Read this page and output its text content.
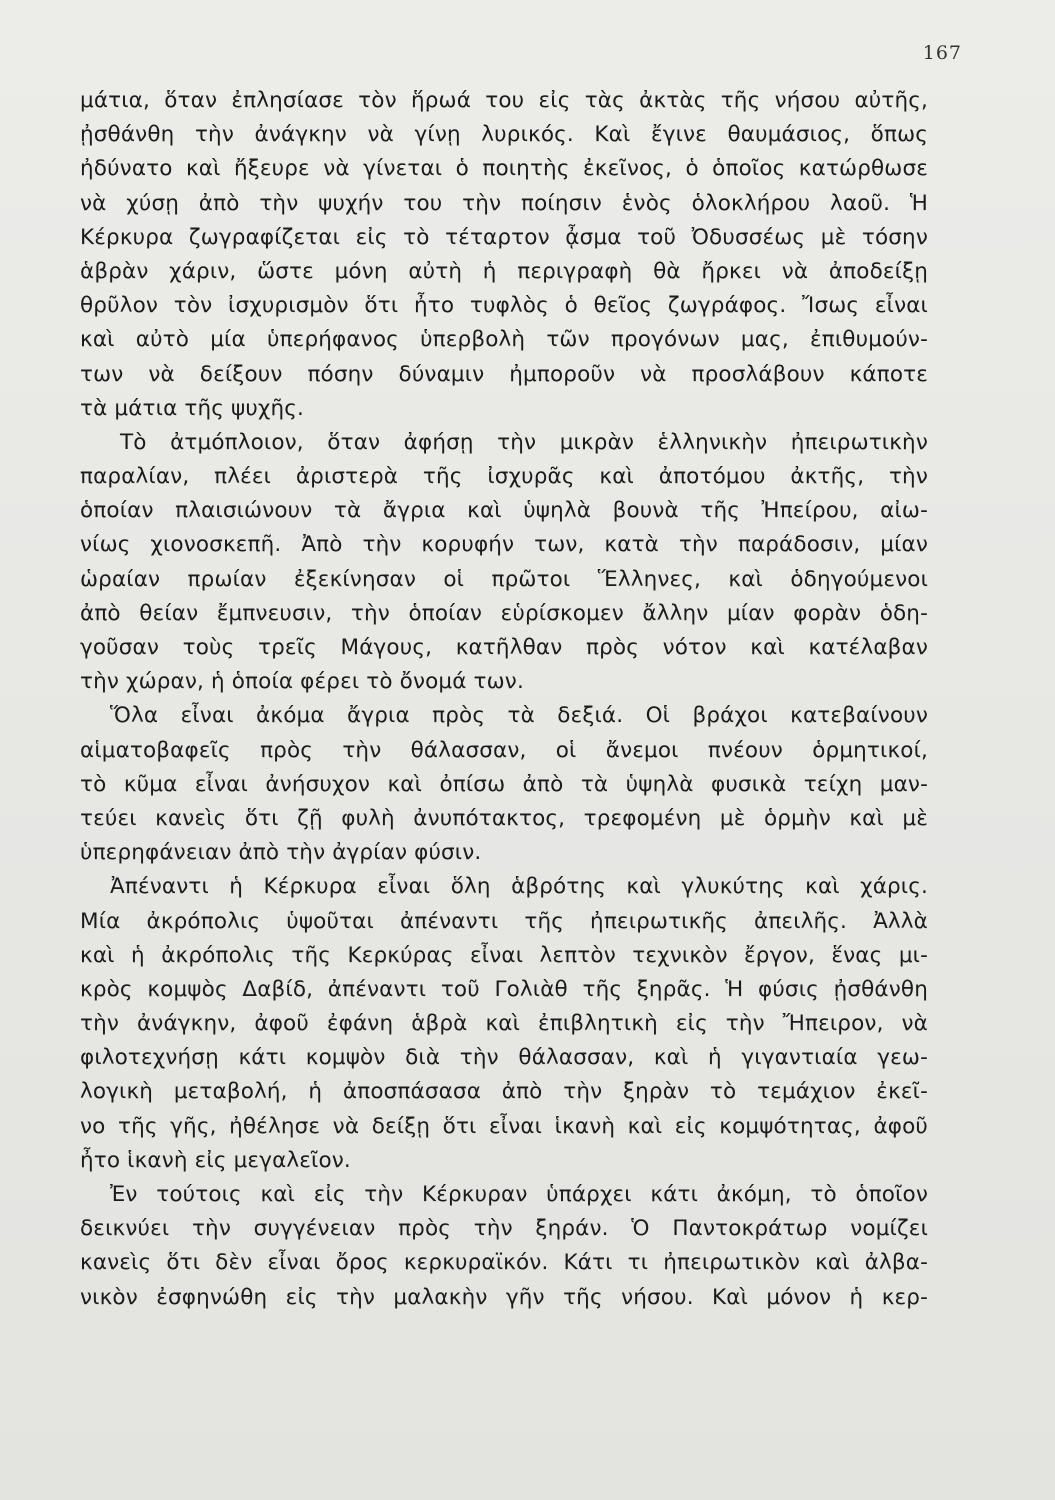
167
μάτια, ὅταν ἐπλησίασε τὸν ἥρωά του εἰς τὰς ἀκτὰς τῆς νήσου αὐτῆς,
ᾐσθάνθη τὴν ἀνάγκην νὰ γίνῃ λυρικός. Καὶ ἔγινε θαυμάσιος, ὅπως
ἠδύνατο καὶ ἤξευρε νὰ γίνεται ὁ ποιητὴς ἐκεῖνος, ὁ ὁποῖος κατώρθωσε
νὰ χύσῃ ἀπὸ τὴν ψυχήν του τὴν ποίησιν ἑνὸς ὁλοκλήρου λαοῦ. Ἡ
Κέρκυρα ζωγραφίζεται εἰς τὸ τέταρτον ᾆσμα τοῦ Ὀδυσσέως μὲ τόσην
ἁβρὰν χάριν, ὥστε μόνη αὐτὴ ἡ περιγραφὴ θὰ ἤρκει νὰ ἀποδείξῃ
θρῦλον τὸν ἰσχυρισμὸν ὅτι ἦτο τυφλὸς ὁ θεῖος ζωγράφος. Ἴσως εἶναι
καὶ αὐτὸ μία ὑπερήφανος ὑπερβολὴ τῶν προγόνων μας, ἐπιθυμούν-
των νὰ δείξουν πόσην δύναμιν ἠμποροῦν νὰ προσλάβουν κάποτε
τὰ μάτια τῆς ψυχῆς.
Τὸ ἀτμόπλοιον, ὅταν ἀφήσῃ τὴν μικρὰν ἑλληνικὴν ἠπειρωτικὴν
παραλίαν, πλέει ἀριστερὰ τῆς ἰσχυρᾶς καὶ ἀποτόμου ἀκτῆς, τὴν
ὁποίαν πλαισιώνουν τὰ ἄγρια καὶ ὑψηλὰ βουνὰ τῆς Ἠπείρου, αἰω-
νίως χιονοσκεπῆ. Ἀπὸ τὴν κορυφήν των, κατὰ τὴν παράδοσιν, μίαν
ὡραίαν πρωίαν ἐξεκίνησαν οἱ πρῶτοι Ἕλληνες, καὶ ὁδηγούμενοι
ἀπὸ θείαν ἔμπνευσιν, τὴν ὁποίαν εὑρίσκομεν ἄλλην μίαν φορὰν ὁδη-
γοῦσαν τοὺς τρεῖς Μάγους, κατῆλθαν πρὸς νότον καὶ κατέλαβαν
τὴν χώραν, ἡ ὁποία φέρει τὸ ὄνομά των.
Ὅλα εἶναι ἀκόμα ἄγρια πρὸς τὰ δεξιά. Οἱ βράχοι κατεβαίνουν
αἱματοβαφεῖς πρὸς τὴν θάλασσαν, οἱ ἄνεμοι πνέουν ὁρμητικοί,
τὸ κῦμα εἶναι ἀνήσυχον καὶ ὀπίσω ἀπὸ τὰ ὑψηλὰ φυσικὰ τείχη μαν-
τεύει κανεὶς ὅτι ζῇ φυλὴ ἀνυπότακτος, τρεφομένη μὲ ὁρμὴν καὶ μὲ
ὑπερηφάνειαν ἀπὸ τὴν ἀγρίαν φύσιν.
Ἀπέναντι ἡ Κέρκυρα εἶναι ὅλη ἁβρότης καὶ γλυκύτης καὶ χάρις.
Μία ἀκρόπολις ὑψοῦται ἀπέναντι τῆς ἠπειρωτικῆς ἀπειλῆς. Ἀλλὰ
καὶ ἡ ἀκρόπολις τῆς Κερκύρας εἶναι λεπτὸν τεχνικὸν ἔργον, ἕνας μι-
κρὸς κομψὸς Δαβίδ, ἀπέναντι τοῦ Γολιὰθ τῆς ξηρᾶς. Ἡ φύσις ᾐσθάνθη
τὴν ἀνάγκην, ἀφοῦ ἐφάνη ἁβρὰ καὶ ἐπιβλητικὴ εἰς τὴν Ἤπειρον, νὰ
φιλοτεχνήσῃ κάτι κομψὸν διὰ τὴν θάλασσαν, καὶ ἡ γιγαντιαία γεω-
λογικὴ μεταβολή, ἡ ἀποσπάσασα ἀπὸ τὴν ξηρὰν τὸ τεμάχιον ἐκεῖ-
νο τῆς γῆς, ἠθέλησε νὰ δείξῃ ὅτι εἶναι ἱκανὴ καὶ εἰς κομψότητας, ἀφοῦ
ἦτο ἱκανὴ εἰς μεγαλεῖον.
Ἐν τούτοις καὶ εἰς τὴν Κέρκυραν ὑπάρχει κάτι ἀκόμη, τὸ ὁποῖον
δεικνύει τὴν συγγένειαν πρὸς τὴν ξηράν. Ὁ Παντοκράτωρ νομίζει
κανεὶς ὅτι δὲν εἶναι ὄρος κερκυραϊκόν. Κάτι τι ἠπειρωτικὸν καὶ ἀλβα-
νικὸν ἐσφηνώθη εἰς τὴν μαλακὴν γῆν τῆς νήσου. Καὶ μόνον ἡ κερ-
